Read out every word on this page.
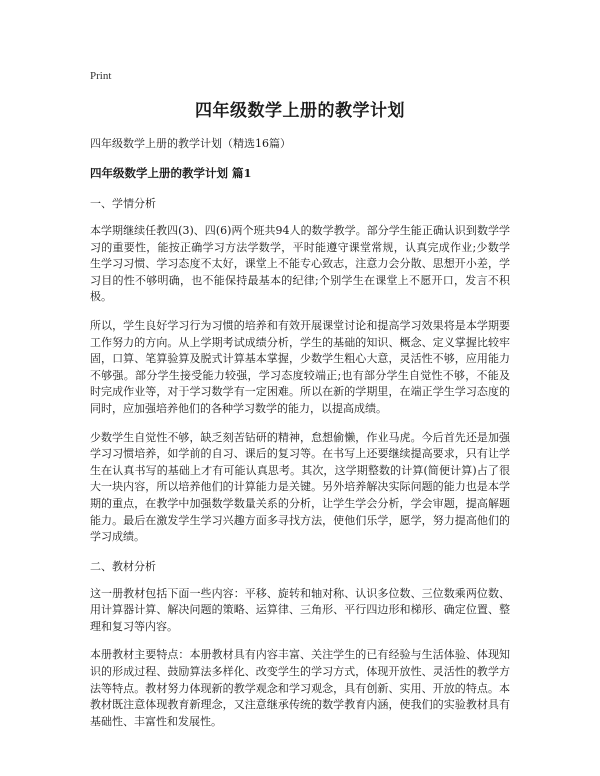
Print
四年级数学上册的教学计划
四年级数学上册的教学计划（精选16篇）
四年级数学上册的教学计划 篇1
一、学情分析

本学期继续任教四(3)、四(6)两个班共94人的数学教学。部分学生能正确认识到数学学习的重要性，能按正确学习方法学数学，平时能遵守课堂常规，认真完成作业;少数学生学习习惯、学习态度不太好，课堂上不能专心致志，注意力会分散、思想开小差，学习目的性不够明确，也不能保持最基本的纪律;个别学生在课堂上不愿开口，发言不积极。

所以，学生良好学习行为习惯的培养和有效开展课堂讨论和提高学习效果将是本学期要工作努力的方向。从上学期考试成绩分析，学生的基础的知识、概念、定义掌握比较牢固，口算、笔算验算及脱式计算基本掌握，少数学生粗心大意，灵活性不够，应用能力不够强。部分学生接受能力较强，学习态度较端正;也有部分学生自觉性不够，不能及时完成作业等，对于学习数学有一定困难。所以在新的学期里，在端正学生学习态度的同时，应加强培养他们的各种学习数学的能力，以提高成绩。

少数学生自觉性不够，缺乏刻苦钻研的精神，怠想偷懒，作业马虎。今后首先还是加强学习习惯培养，如学前的自习、课后的复习等。在书写上还要继续提高要求，只有让学生在认真书写的基础上才有可能认真思考。其次，这学期整数的计算(简便计算)占了很大一块内容，所以培养他们的计算能力是关键。另外培养解决实际问题的能力也是本学期的重点，在教学中加强数学数量关系的分析，让学生学会分析，学会审题，提高解题能力。最后在激发学生学习兴趣方面多寻找方法，使他们乐学，愿学，努力提高他们的学习成绩。

二、教材分析

这一册教材包括下面一些内容：平移、旋转和轴对称、认识多位数、三位数乘两位数、用计算器计算、解决问题的策略、运算律、三角形、平行四边形和梯形、确定位置、整理和复习等内容。

本册教材主要特点：本册教材具有内容丰富、关注学生的已有经验与生活体验、体现知识的形成过程、鼓励算法多样化、改变学生的学习方式，体现开放性、灵活性的教学方法等特点。教材努力体现新的教学观念和学习观念，具有创新、实用、开放的特点。本教材既注意体现教育新理念，又注意继承传统的数学教育内涵，使我们的实验教材具有基础性、丰富性和发展性。
